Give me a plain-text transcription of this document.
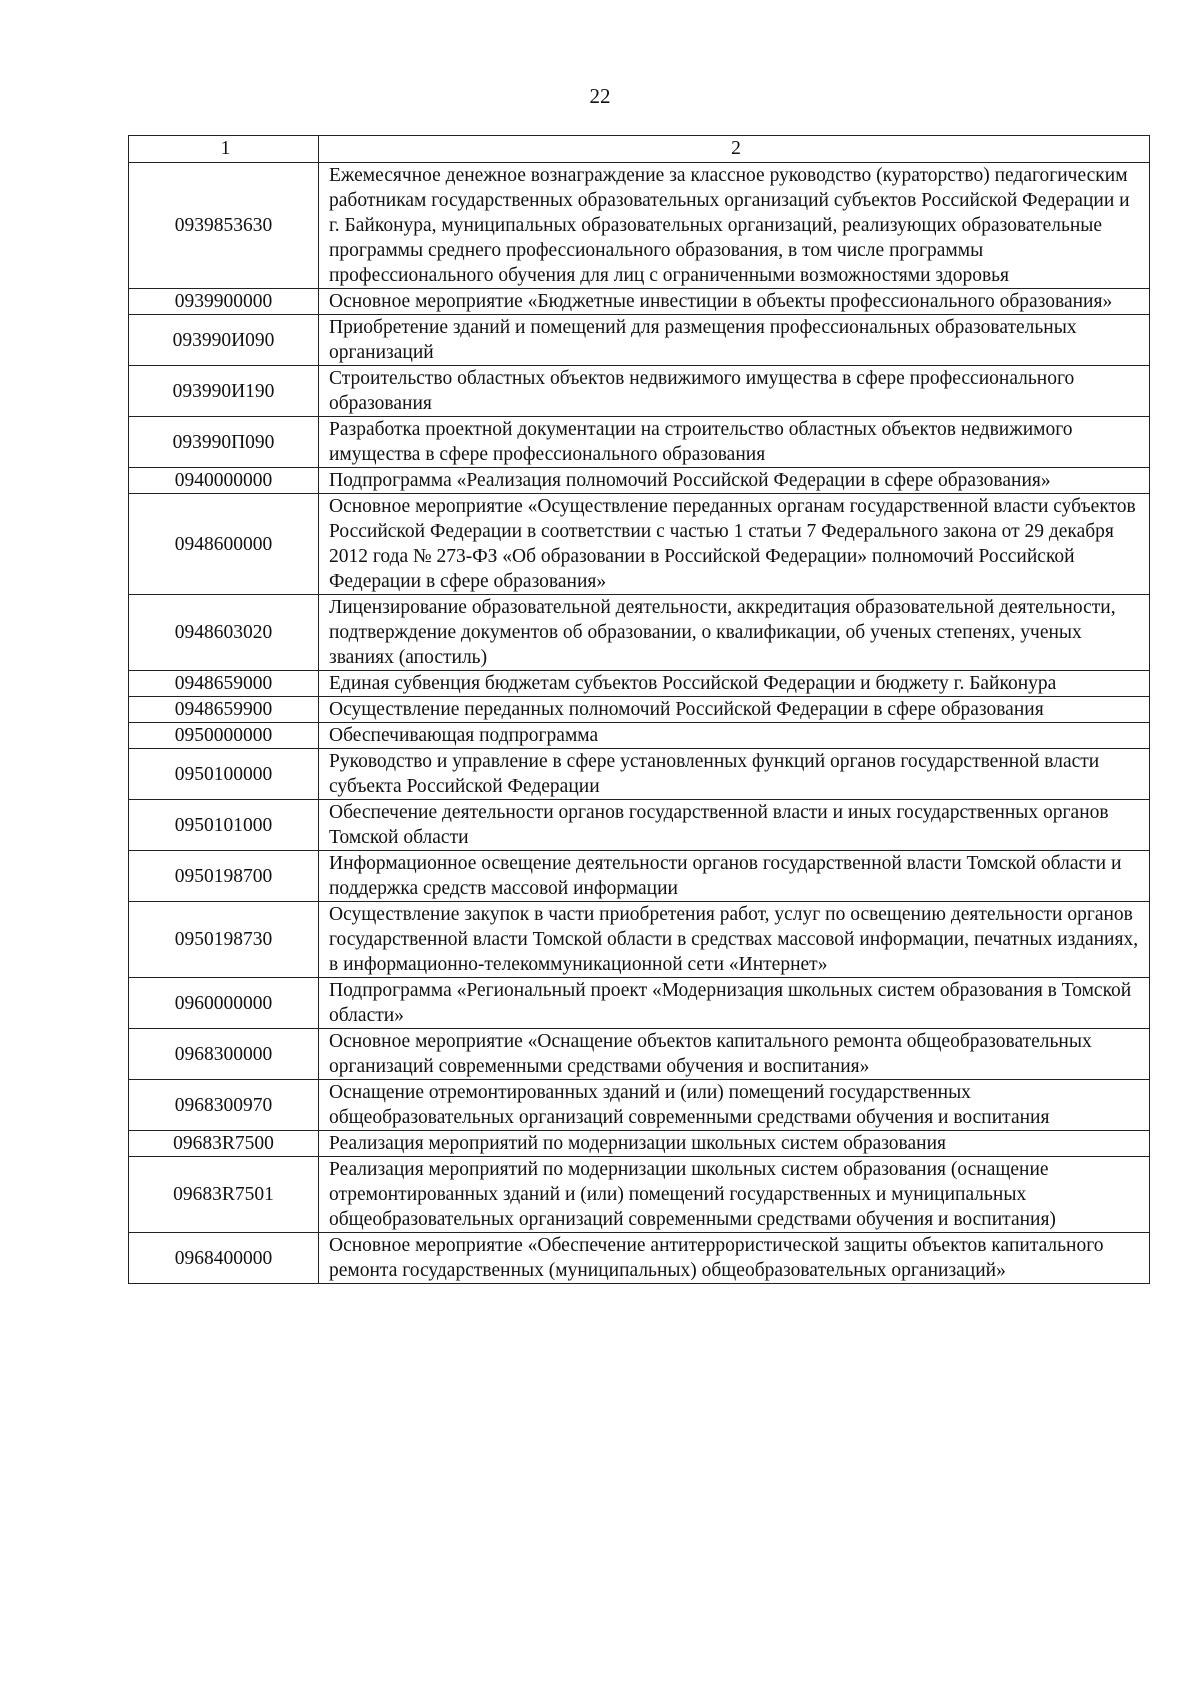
22
1	2
0939853630	Ежемесячное денежное вознаграждение за классное руководство (кураторство) педагогическим работникам государственных образовательных организаций субъектов Российской Федерации и г. Байконура, муниципальных образовательных организаций, реализующих образовательные программы среднего профессионального образования, в том числе программы профессионального обучения для лиц с ограниченными возможностями здоровья
0939900000	Основное мероприятие «Бюджетные инвестиции в объекты профессионального образования»
093990И090	Приобретение зданий и помещений для размещения профессиональных образовательных организаций
093990И190	Строительство областных объектов недвижимого имущества в сфере профессионального образования
093990П090	Разработка проектной документации на строительство областных объектов недвижимого имущества в сфере профессионального образования
0940000000	Подпрограмма «Реализация полномочий Российской Федерации в сфере образования»
0948600000	Основное мероприятие «Осуществление переданных органам государственной власти субъектов Российской Федерации в соответствии с частью 1 статьи 7 Федерального закона от 29 декабря 2012 года № 273-ФЗ «Об образовании в Российской Федерации» полномочий Российской Федерации в сфере образования»
0948603020	Лицензирование образовательной деятельности, аккредитация образовательной деятельности, подтверждение документов об образовании, о квалификации, об ученых степенях, ученых званиях (апостиль)
0948659000	Единая субвенция бюджетам субъектов Российской Федерации и бюджету г. Байконура
0948659900	Осуществление переданных полномочий Российской Федерации в сфере образования
0950000000	Обеспечивающая подпрограмма
0950100000	Руководство и управление в сфере установленных функций органов государственной власти субъекта Российской Федерации
0950101000	Обеспечение деятельности органов государственной власти и иных государственных органов Томской области
0950198700	Информационное освещение деятельности органов государственной власти Томской области и поддержка средств массовой информации
0950198730	Осуществление закупок в части приобретения работ, услуг по освещению деятельности органов государственной власти Томской области в средствах массовой информации, печатных изданиях, в информационно-телекоммуникационной сети «Интернет»
0960000000	Подпрограмма «Региональный проект «Модернизация школьных систем образования в Томской области»
0968300000	Основное мероприятие «Оснащение объектов капитального ремонта общеобразовательных организаций современными средствами обучения и воспитания»
0968300970	Оснащение отремонтированных зданий и (или) помещений государственных общеобразовательных организаций современными средствами обучения и воспитания
09683R7500	Реализация мероприятий по модернизации школьных систем образования
09683R7501	Реализация мероприятий по модернизации школьных систем образования (оснащение отремонтированных зданий и (или) помещений государственных и муниципальных общеобразовательных организаций современными средствами обучения и воспитания)
0968400000	Основное мероприятие «Обеспечение антитеррористической защиты объектов капитального ремонта государственных (муниципальных) общеобразовательных организаций»
